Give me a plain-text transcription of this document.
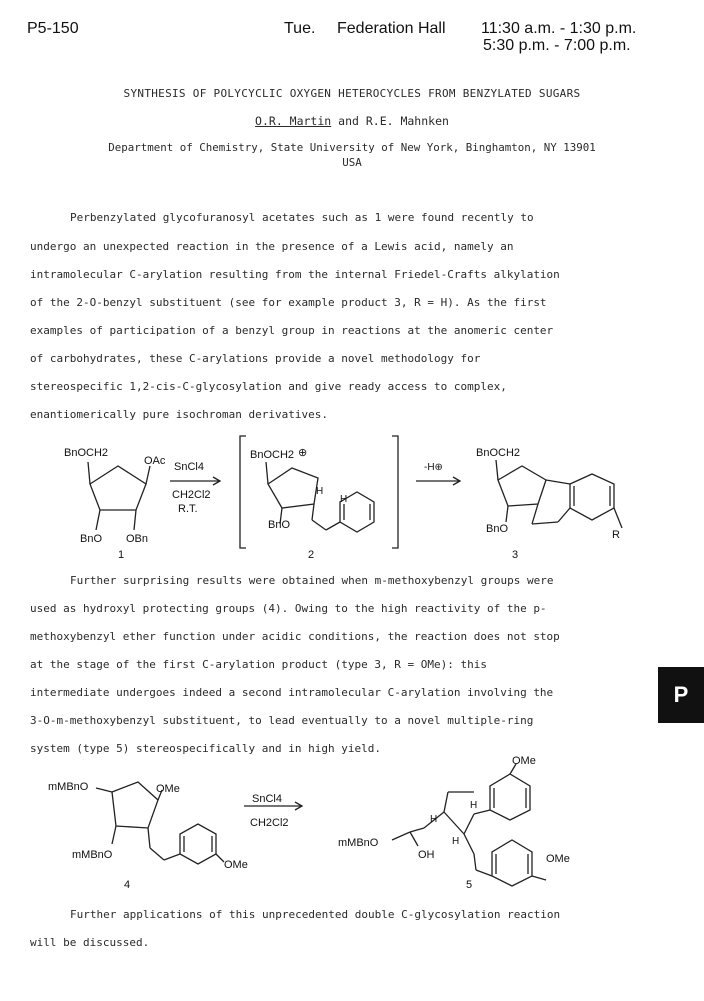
P5-150	Tue. Federation Hall 11:30 a.m. - 1:30 p.m.
5:30 p.m. - 7:00 p.m.
SYNTHESIS OF POLYCYCLIC OXYGEN HETEROCYCLES FROM BENZYLATED SUGARS
O.R. Martin and R.E. Mahnken
Department of Chemistry, State University of New York, Binghamton, NY 13901
USA
Perbenzylated glycofuranosyl acetates such as 1 were found recently to
undergo an unexpected reaction in the presence of a Lewis acid, namely an
intramolecular C-arylation resulting from the internal Friedel-Crafts alkylation
of the 2-O-benzyl substituent (see for example product 3, R = H). As the first
examples of participation of a benzyl group in reactions at the anomeric center
of carbohydrates, these C-arylations provide a novel methodology for
stereospecific 1,2-cis-C-glycosylation and give ready access to complex,
enantiomerically pure isochroman derivatives.
BnOCH2
OAc
BnO OBn
1
SnCl4
CH2Cl2
R.T.
BnOCH2 ⊕
H
H
BnO
2
-H⊕
BnOCH2
BnO	R
3
Further surprising results were obtained when m-methoxybenzyl groups were
used as hydroxyl protecting groups (4). Owing to the high reactivity of the p-
methoxybenzyl ether function under acidic conditions, the reaction does not stop
at the stage of the first C-arylation product (type 3, R = OMe): this
intermediate undergoes indeed a second intramolecular C-arylation involving the
3-O-m-methoxybenzyl substituent, to lead eventually to a novel multiple-ring
system (type 5) stereospecifically and in high yield.
mMBnO	OMe
mMBnO
OMe
4
SnCl4
CH2Cl2
OMe
H
H
H
mMBnO
OH	OMe
5
Further applications of this unprecedented double C-glycosylation reaction
will be discussed.
P
